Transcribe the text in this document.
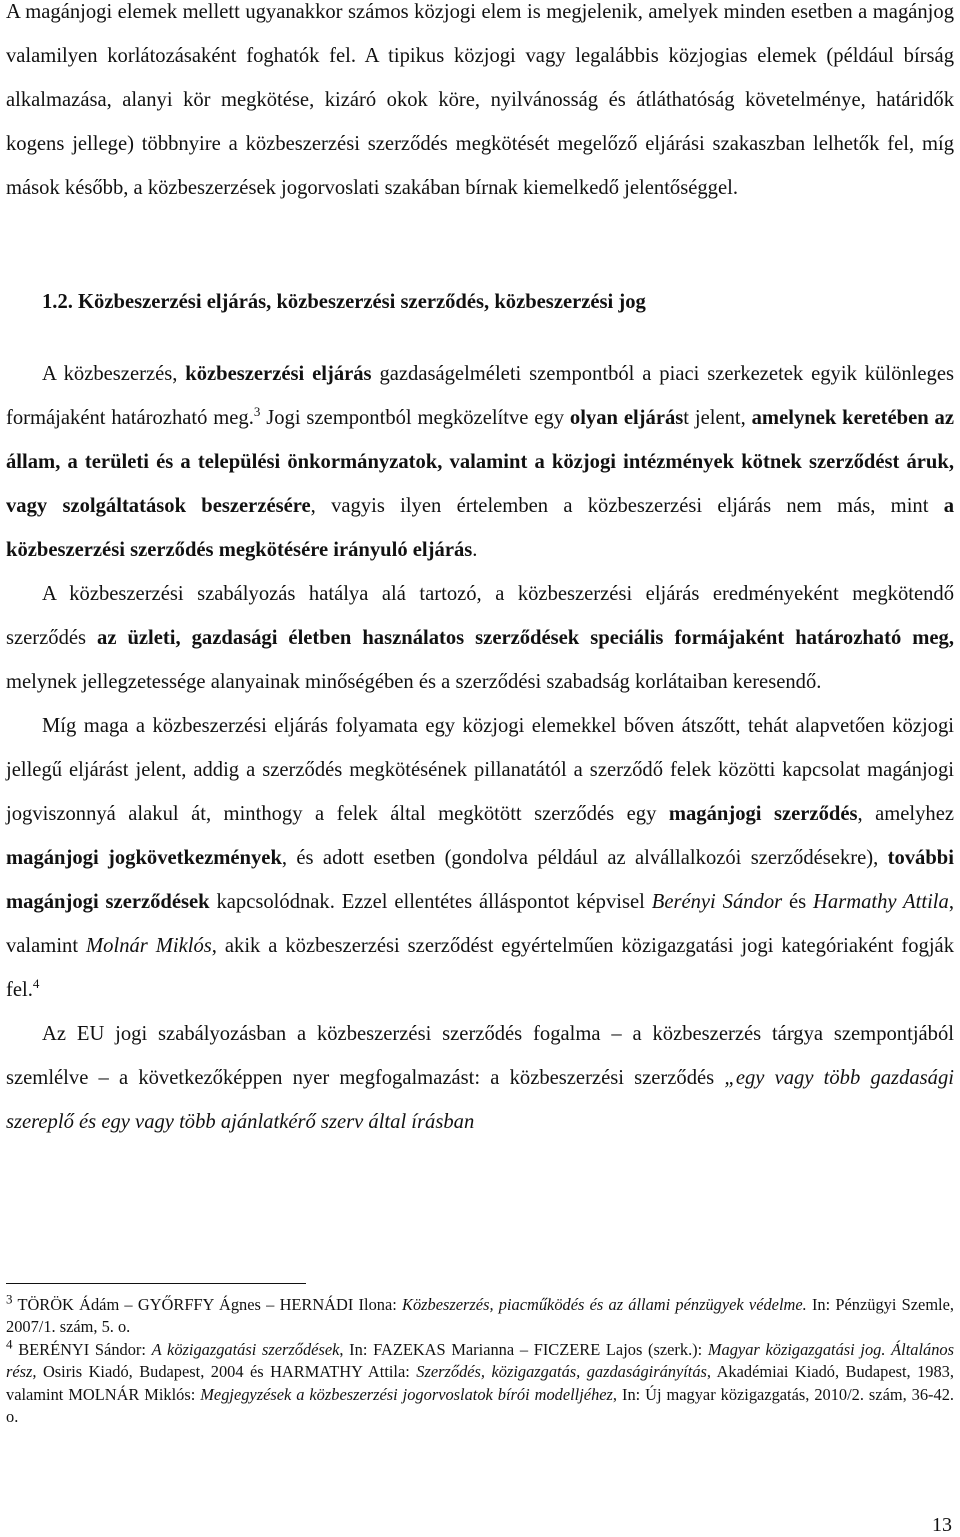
A magánjogi elemek mellett ugyanakkor számos közjogi elem is megjelenik, amelyek minden esetben a magánjog valamilyen korlátozásaként foghatók fel. A tipikus közjogi vagy legalábbis közjogias elemek (például bírság alkalmazása, alanyi kör megkötése, kizáró okok köre, nyilvánosság és átláthatóság követelménye, határidők kogens jellege) többnyire a közbeszerzési szerződés megkötését megelőző eljárási szakaszban lelhetők fel, míg mások később, a közbeszerzések jogorvoslati szakában bírnak kiemelkedő jelentőséggel.

1.2. Közbeszerzési eljárás, közbeszerzési szerződés, közbeszerzési jog

A közbeszerzés, közbeszerzési eljárás gazdaságelméleti szempontból a piaci szerkezetek egyik különleges formájaként határozható meg.$^3$ Jogi szempontból megközelítve egy olyan eljárást jelent, amelynek keretében az állam, a területi és a települési önkormányzatok, valamint a közjogi intézmények kötnek szerződést áruk, vagy szolgáltatások beszerzésére, vagyis ilyen értelemben a közbeszerzési eljárás nem más, mint a közbeszerzési szerződés megkötésére irányuló eljárás.

A közbeszerzési szabályozás hatálya alá tartozó, a közbeszerzési eljárás eredményeként megkötendő szerződés az üzleti, gazdasági életben használatos szerződések speciális formájaként határozható meg, melynek jellegzetessége alanyainak minőségében és a szerződési szabadság korlátaiban keresendő.

Míg maga a közbeszerzési eljárás folyamata egy közjogi elemekkel bőven átszőtt, tehát alapvetően közjogi jellegű eljárást jelent, addig a szerződés megkötésének pillanatától a szerződő felek közötti kapcsolat magánjogi jogviszonnyá alakul át, minthogy a felek által megkötött szerződés egy magánjogi szerződés, amelyhez magánjogi jogkövetkezmények, és adott esetben (gondolva például az alvállalkozói szerződésekre), további magánjogi szerződések kapcsolódnak. Ezzel ellentétes álláspontot képvisel Berényi Sándor és Harmathy Attila, valamint Molnár Miklós, akik a közbeszerzési szerződést egyértelműen közigazgatási jogi kategóriaként fogják fel.$^4$

Az EU jogi szabályozásban a közbeszerzési szerződés fogalma – a közbeszerzés tárgya szempontjából szemlélve – a következőképpen nyer megfogalmazást: a közbeszerzési szerződés „egy vagy több gazdasági szereplő és egy vagy több ajánlatkérő szerv által írásban

$^3$ TÖRÖK Ádám – GYŐRFFY Ágnes – HERNÁDI Ilona: Közbeszerzés, piacműködés és az állami pénzügyek védelme. In: Pénzügyi Szemle, 2007/1. szám, 5. o.

$^4$ BERÉNYI Sándor: A közigazgatási szerződések, In: FAZEKAS Marianna – FICZERE Lajos (szerk.): Magyar közigazgatási jog. Általános rész, Osiris Kiadó, Budapest, 2004 és HARMATHY Attila: Szerződés, közigazgatás, gazdaságirányítás, Akadémiai Kiadó, Budapest, 1983, valamint MOLNÁR Miklós: Megjegyzések a közbeszerzési jogorvoslatok bírói modelljéhez, In: Új magyar közigazgatás, 2010/2. szám, 36-42. o.

13
